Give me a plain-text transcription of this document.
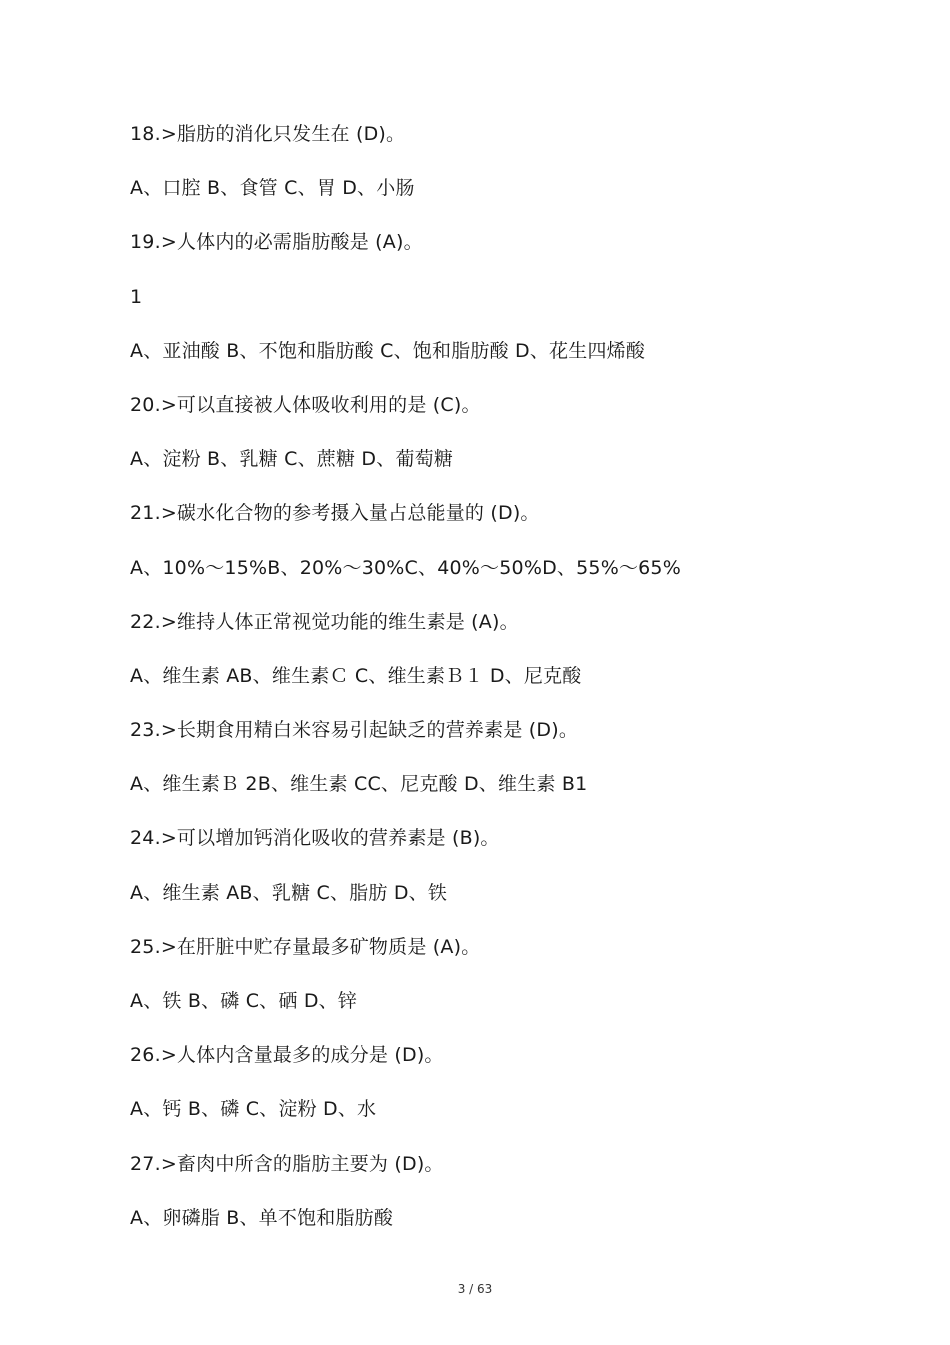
18.>脂肪的消化只发生在 (D)。
A、口腔 B、食管 C、胃 D、小肠
19.>人体内的必需脂肪酸是 (A)。
1
A、亚油酸 B、不饱和脂肪酸 C、饱和脂肪酸 D、花生四烯酸
20.>可以直接被人体吸收利用的是 (C)。
A、淀粉 B、乳糖 C、蔗糖 D、葡萄糖
21.>碳水化合物的参考摄入量占总能量的 (D)。
A、10%～15%B、20%～30%C、40%～50%D、55%～65%
22.>维持人体正常视觉功能的维生素是 (A)。
A、维生素 AB、维生素Ｃ C、维生素Ｂ１ D、尼克酸
23.>长期食用精白米容易引起缺乏的营养素是 (D)。
A、维生素Ｂ 2B、维生素 CC、尼克酸 D、维生素 B1
24.>可以增加钙消化吸收的营养素是 (B)。
A、维生素 AB、乳糖 C、脂肪 D、铁
25.>在肝脏中贮存量最多矿物质是 (A)。
A、铁 B、磷 C、硒 D、锌
26.>人体内含量最多的成分是 (D)。
A、钙 B、磷 C、淀粉 D、水
27.>畜肉中所含的脂肪主要为 (D)。
A、卵磷脂 B、单不饱和脂肪酸
3 / 63
